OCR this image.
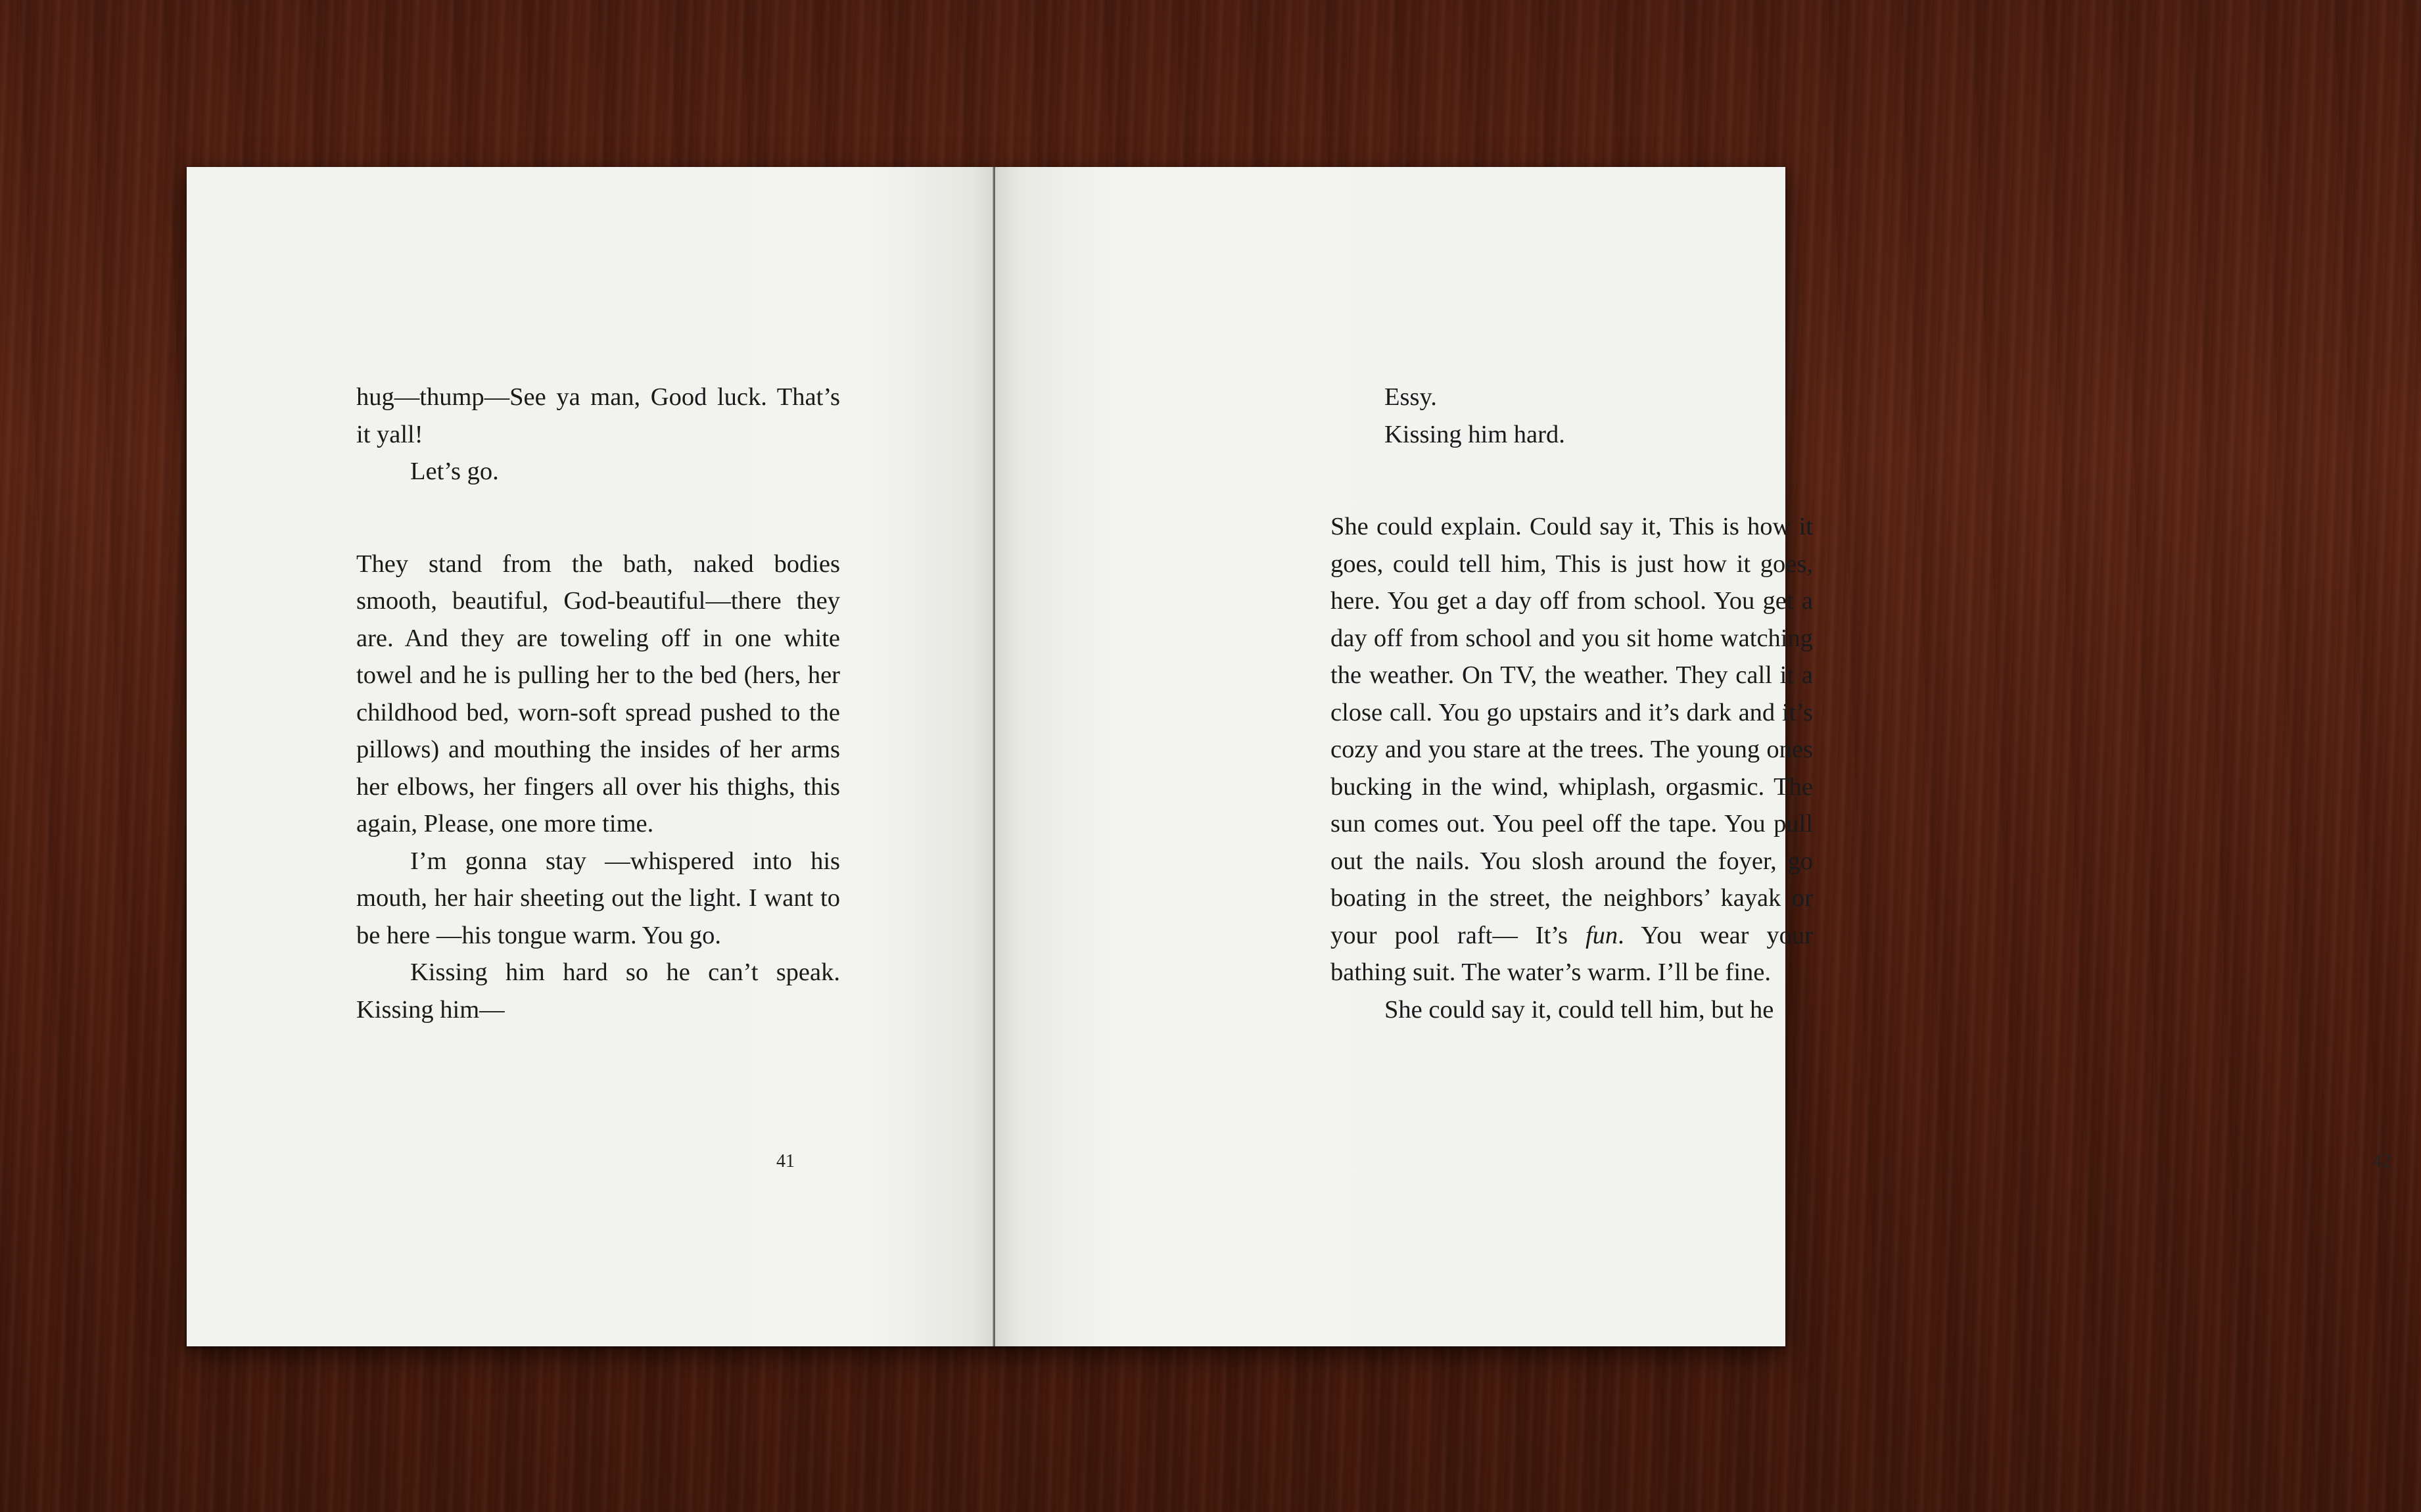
hug—thump—See ya man, Good luck. That’s it yall!

Let’s go.

They stand from the bath, naked bodies smooth, beautiful, God-beautiful—there they are. And they are toweling off in one white towel and he is pulling her to the bed (hers, her childhood bed, worn-soft spread pushed to the pillows) and mouthing the insides of her arms her elbows, her fingers all over his thighs, this again, Please, one more time.

I’m gonna stay —whispered into his mouth, her hair sheeting out the light. I want to be here —his tongue warm. You go.

Kissing him hard so he can’t speak. Kissing him—

41

Essy.

Kissing him hard.

She could explain. Could say it, This is how it goes, could tell him, This is just how it goes, here. You get a day off from school. You get a day off from school and you sit home watching the weather. On TV, the weather. They call it a close call. You go upstairs and it’s dark and it’s cozy and you stare at the trees. The young ones bucking in the wind, whiplash, orgasmic. The sun comes out. You peel off the tape. You pull out the nails. You slosh around the foyer, go boating in the street, the neighbors’ kayak or your pool raft— It’s fun. You wear your bathing suit. The water’s warm. I’ll be fine.

She could say it, could tell him, but he

42
